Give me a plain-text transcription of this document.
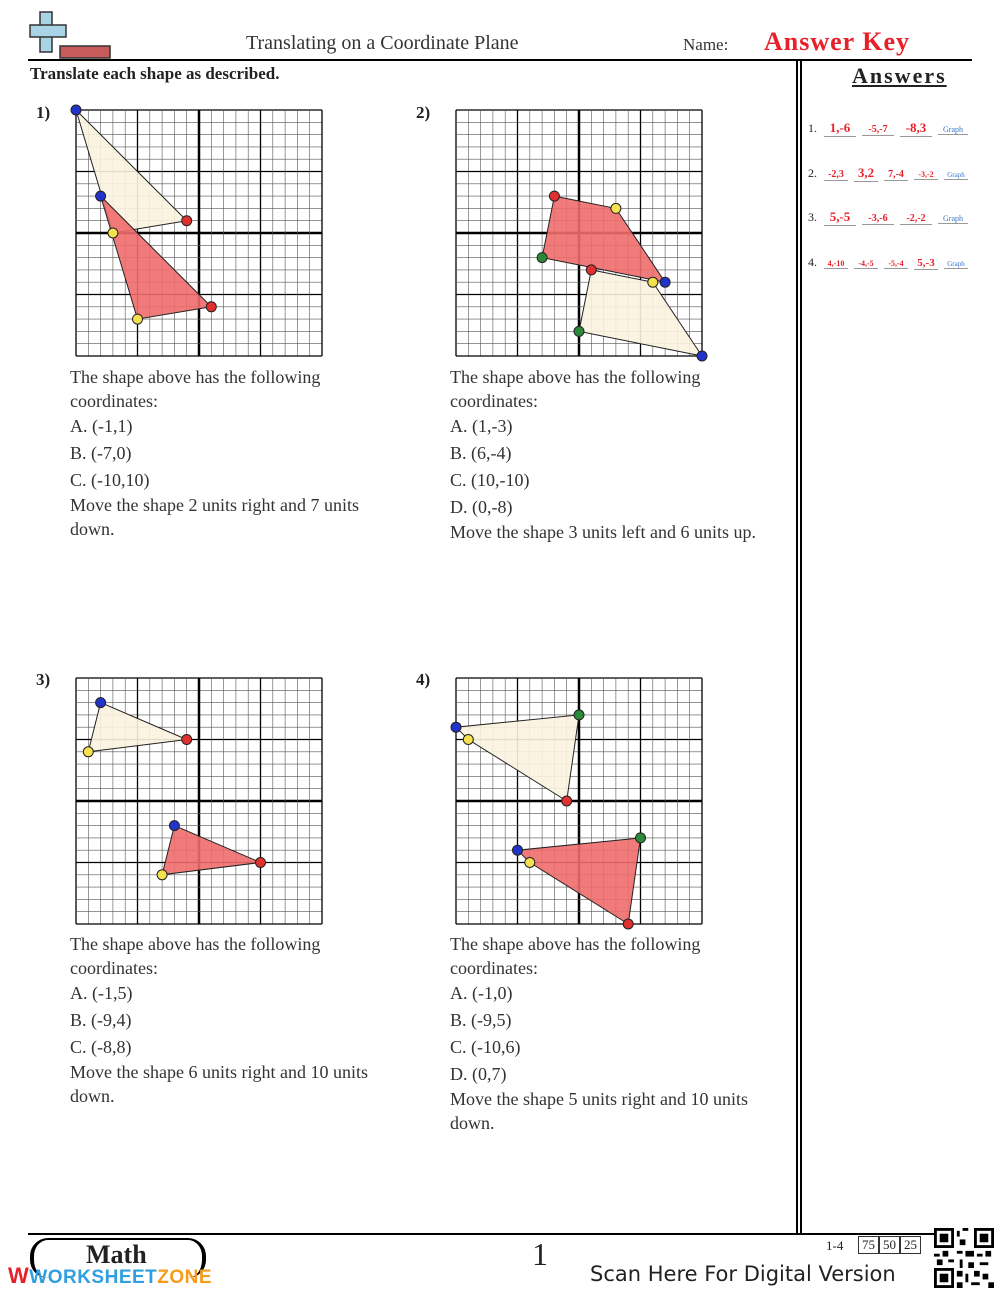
Translating on a Coordinate Plane	Name: Answer Key
Translate each shape as described.	Answers
1. 1,-6	-5,-7	-8,3	Graph
2.	-2,3	3,2	7,-4	-3,-2	Graph
3. 5,-5	-3,-6	-2,-2	Graph
4.	4,-10	-4,-5	-5,-4	5,-3	Graph
1)	2)
3)	4)
The shape above has the following
coordinates:
A. (-1,1)
B. (-7,0)
C. (-10,10)
Move the shape 2 units right and 7 units
down.
The shape above has the following
coordinates:
A. (1,-3)
B. (6,-4)
C. (10,-10)
D. (0,-8)
Move the shape 3 units left and 6 units up.
The shape above has the following
coordinates:
A. (-1,5)
B. (-9,4)
C. (-8,8)
Move the shape 6 units right and 10 units
down.
The shape above has the following
coordinates:
A. (-1,0)
B. (-9,5)
C. (-10,6)
D. (0,7)
Move the shape 5 units right and 10 units
down.
Math
WWORKSHEETZONE
1
Scan Here For Digital Version
1-4	75 50 25
